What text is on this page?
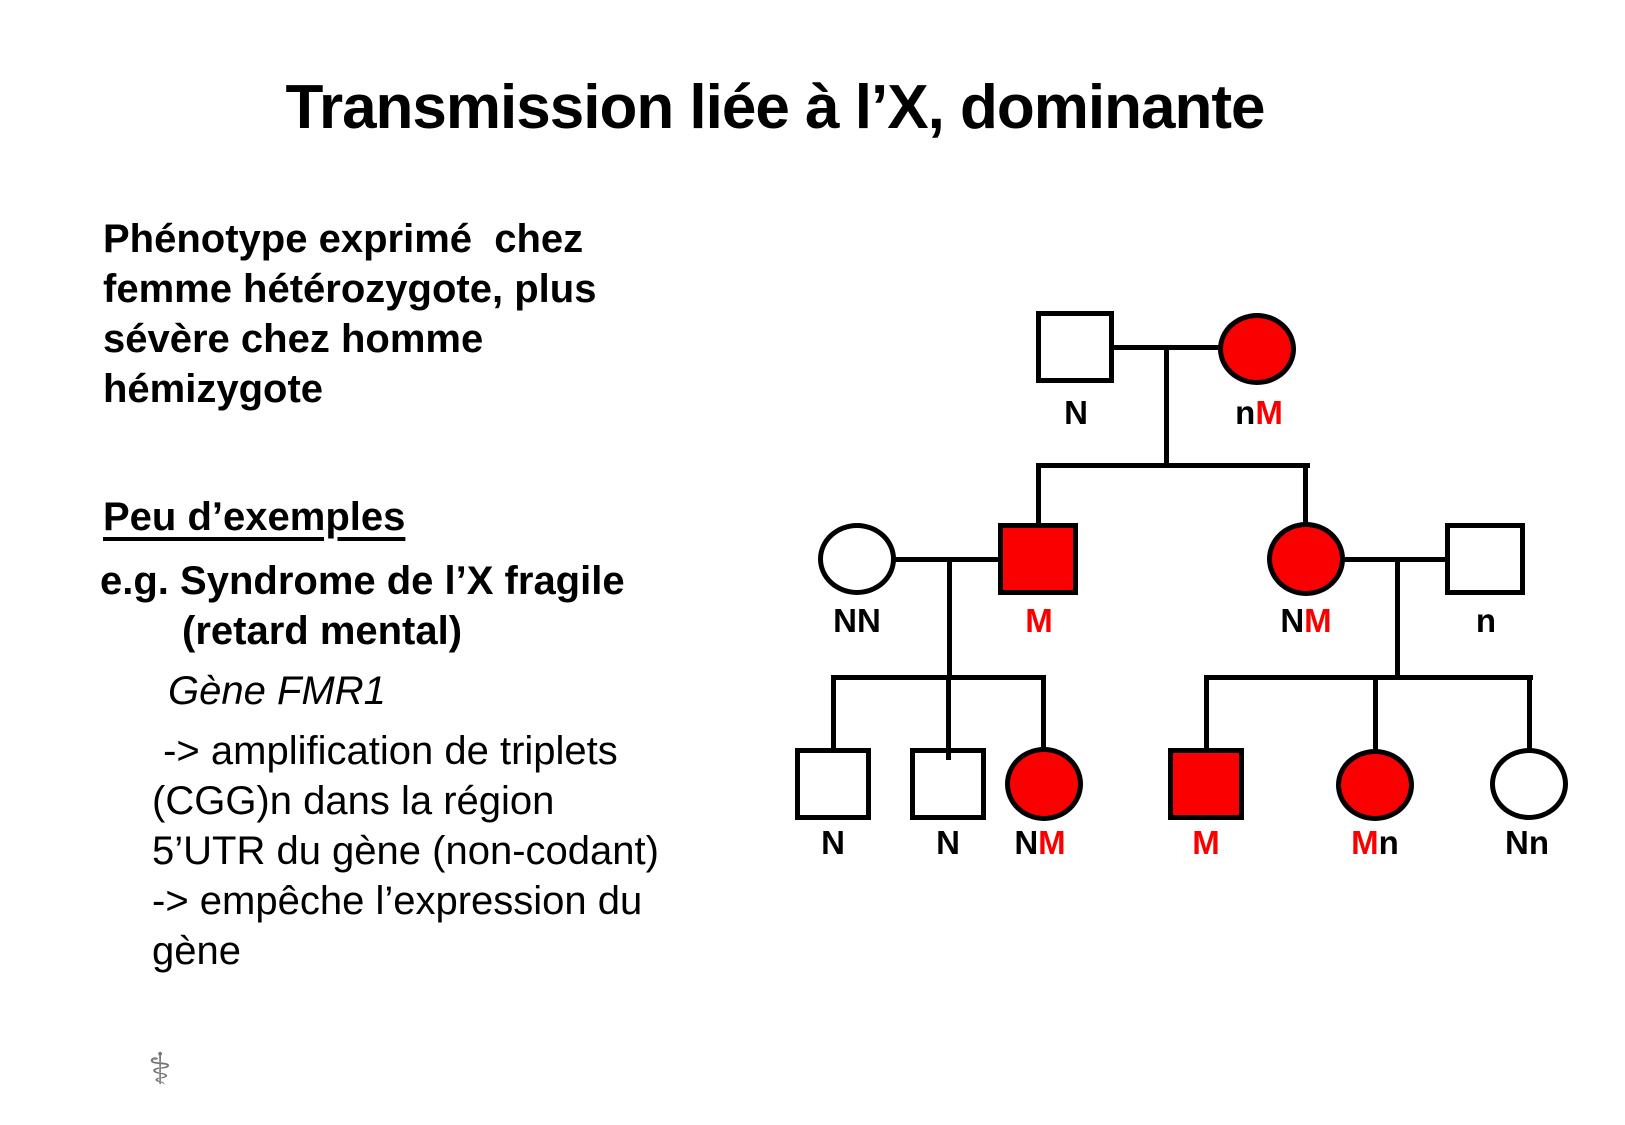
Transmission liée à l’X, dominante
Phénotype exprimé  chez
femme hétérozygote, plus
sévère chez homme
hémizygote
Peu d’exemples
e.g. Syndrome de l’X fragile
(retard mental)
Gène FMR1
-> amplification de triplets
(CGG)n dans la région
5’UTR du gène (non-codant)
-> empêche l’expression du
gène
N	nM
NN	M	NM	n
N	N NM	M	Mn	Nn
⚕
